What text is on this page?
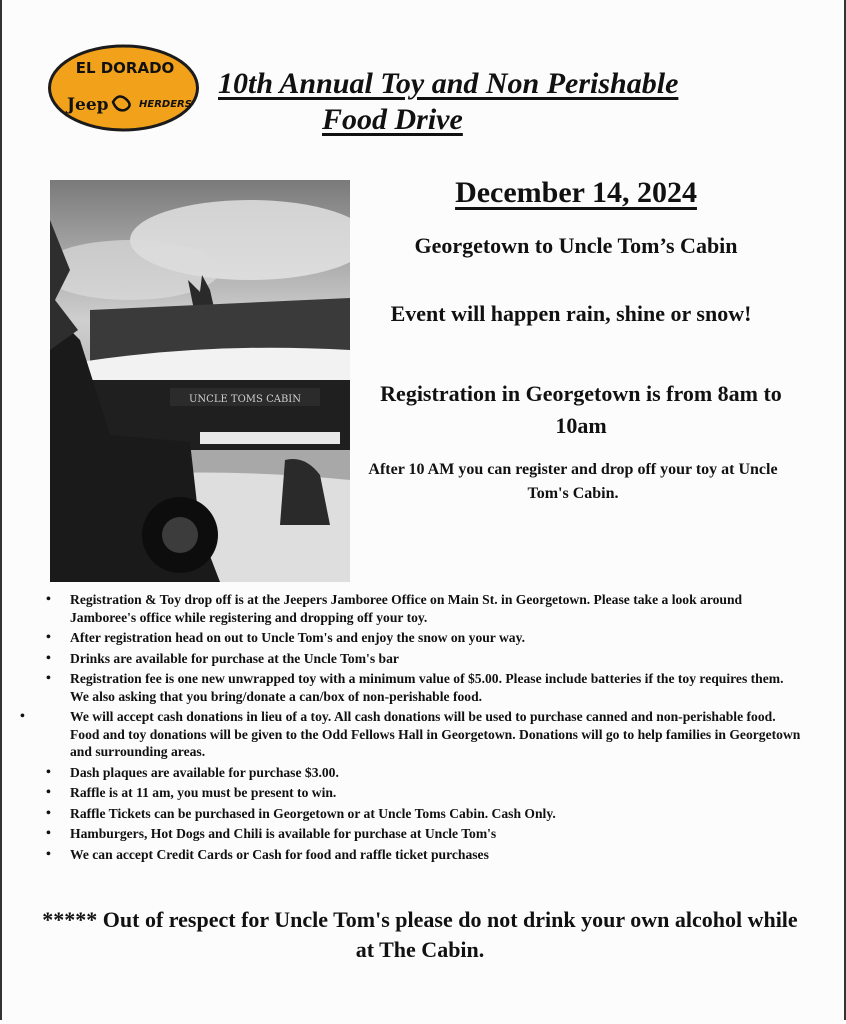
EL DORADO
Jeep	HERDERS
10th Annual Toy and Non Perishable
Food Drive
UNCLE TOMS CABIN
December 14, 2024
Georgetown to Uncle Tom’s Cabin
Event will happen rain, shine or snow!
Registration in Georgetown is from 8am to 10am
After 10 AM you can register and drop off your toy at Uncle Tom's Cabin.
• Registration & Toy drop off is at the Jeepers Jamboree Office on Main St. in Georgetown. Please take a look around Jamboree's office while registering and dropping off your toy.
• After registration head on out to Uncle Tom's and enjoy the snow on your way.
• Drinks are available for purchase at the Uncle Tom's bar
• Registration fee is one new unwrapped toy with a minimum value of $5.00. Please include batteries if the toy requires them. We also asking that you bring/donate a can/box of non-perishable food.
• We will accept cash donations in lieu of a toy. All cash donations will be used to purchase canned and non-perishable food. Food and toy donations will be given to the Odd Fellows Hall in Georgetown. Donations will go to help families in Georgetown and surrounding areas.
• Dash plaques are available for purchase $3.00.
• Raffle is at 11 am, you must be present to win.
• Raffle Tickets can be purchased in Georgetown or at Uncle Toms Cabin. Cash Only.
• Hamburgers, Hot Dogs and Chili is available for purchase at Uncle Tom's
• We can accept Credit Cards or Cash for food and raffle ticket purchases
***** Out of respect for Uncle Tom's please do not drink your own alcohol while at The Cabin.
